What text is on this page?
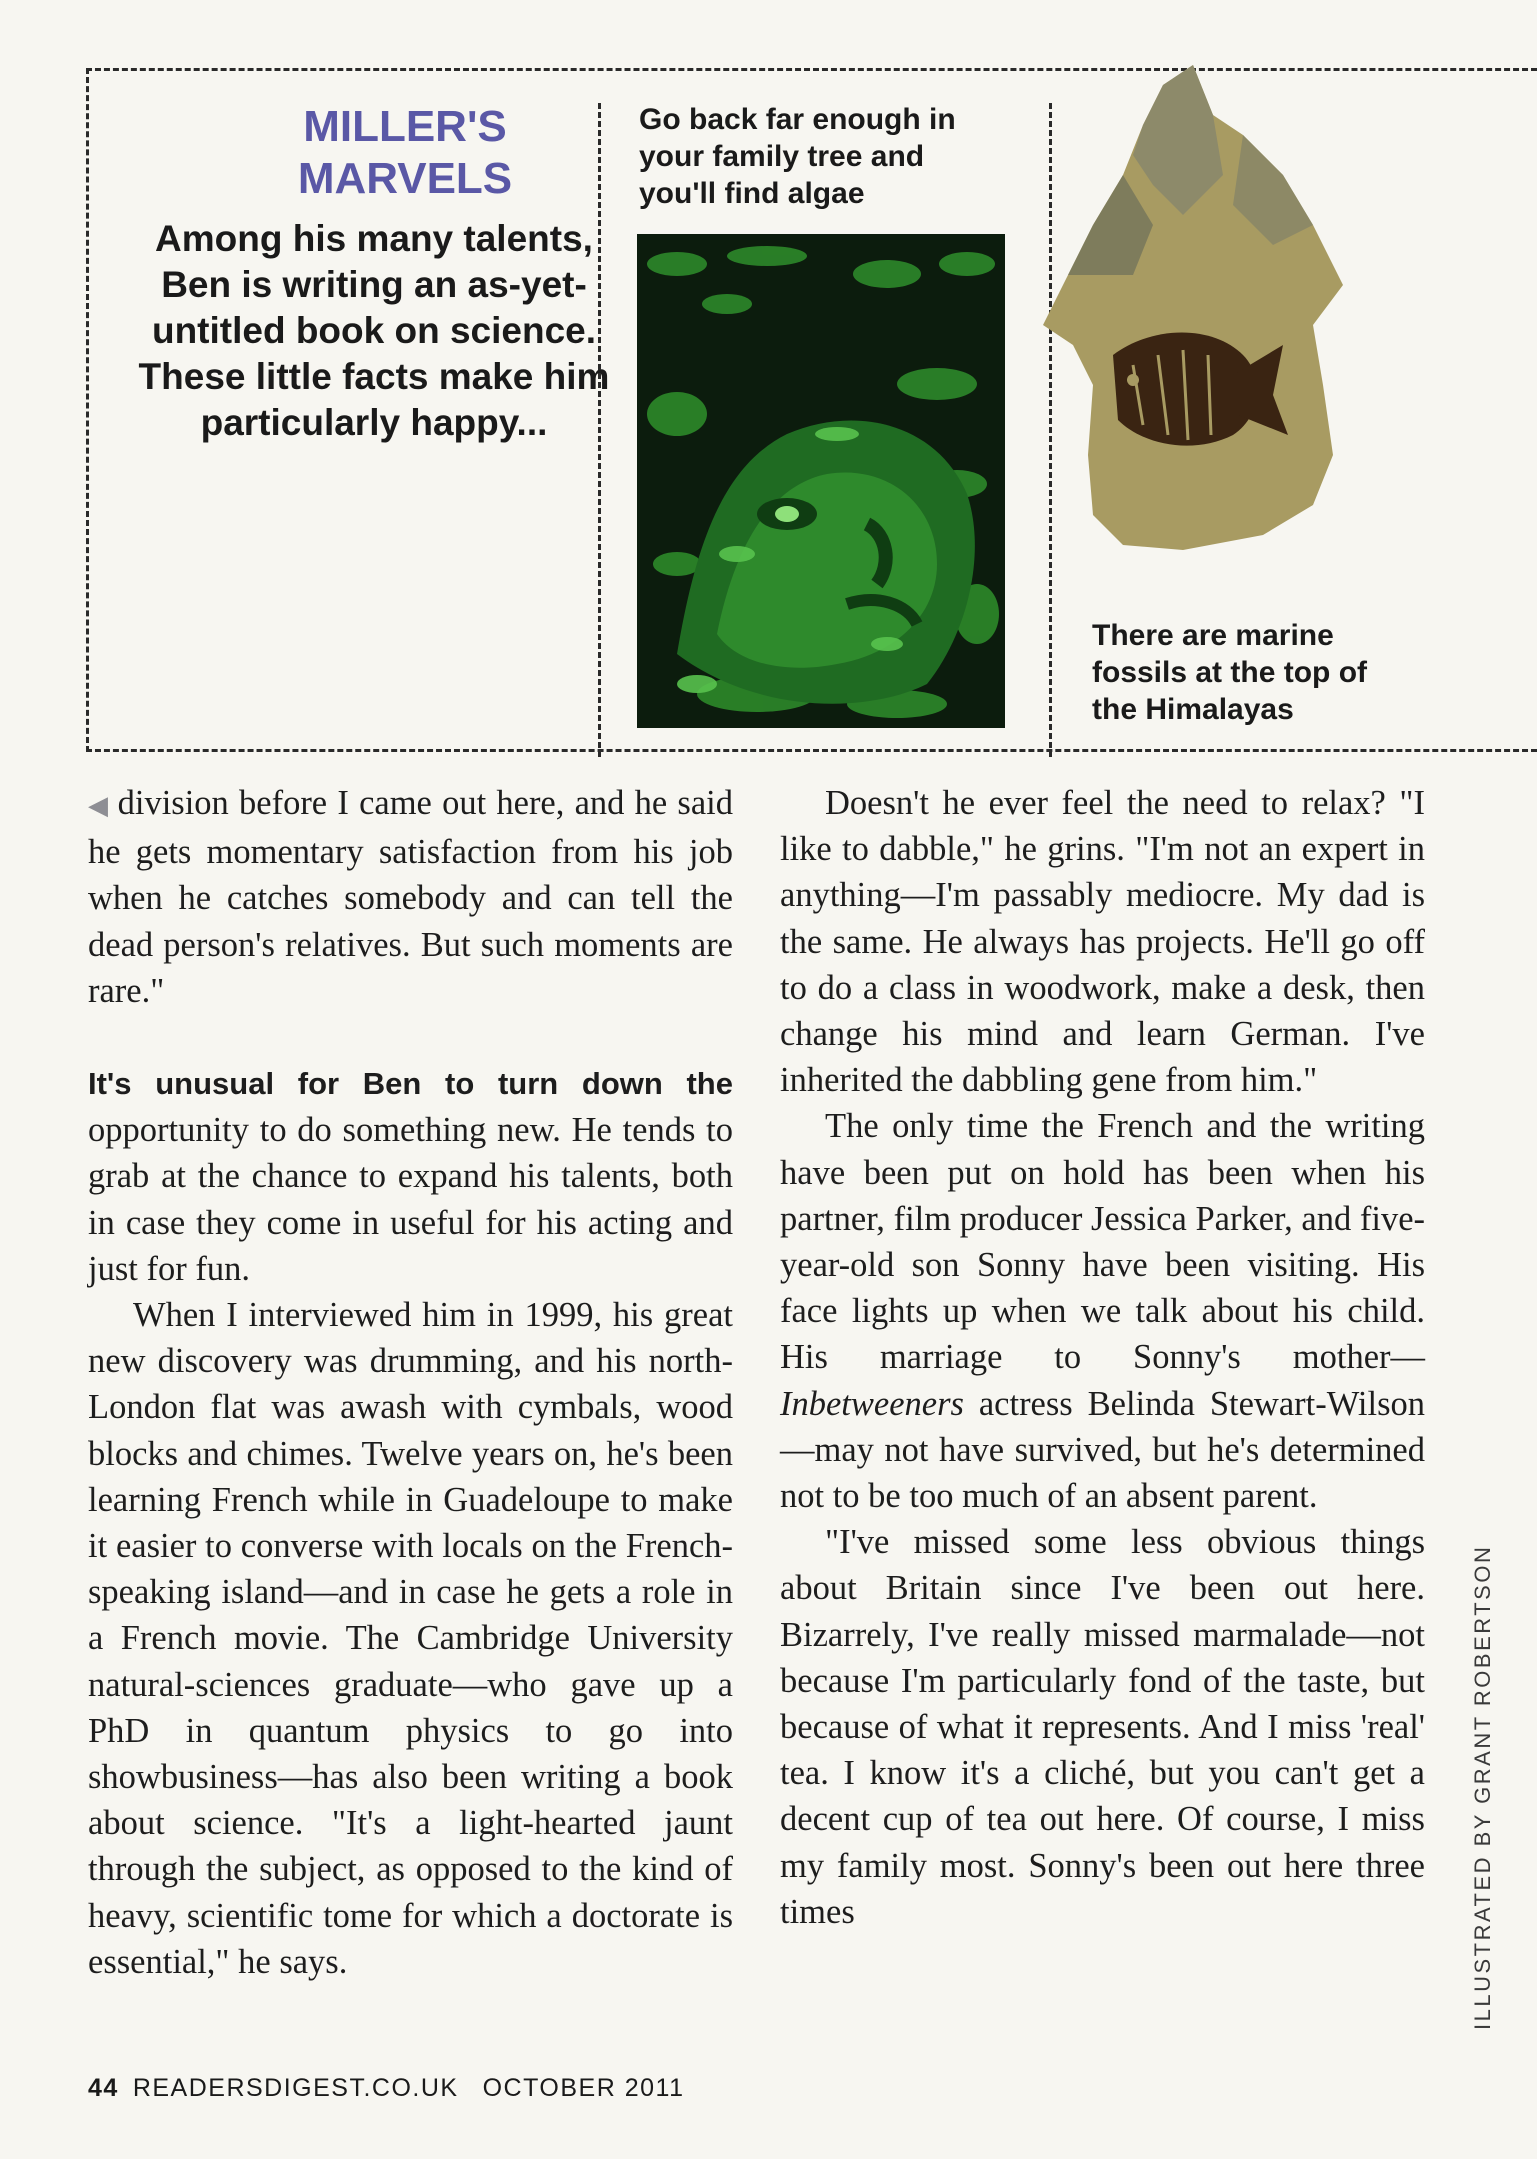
MILLER'S
MARVELS

Among his many talents, Ben is writing an as-yet-untitled book on science. These little facts make him particularly happy...

Go back far enough in your family tree and you'll find algae

There are marine fossils at the top of the Himalayas

◀ division before I came out here, and he said he gets momentary satisfaction from his job when he catches somebody and can tell the dead person's relatives. But such moments are rare."

It's unusual for Ben to turn down the opportunity to do something new. He tends to grab at the chance to expand his talents, both in case they come in useful for his acting and just for fun.

When I interviewed him in 1999, his great new discovery was drumming, and his north-London flat was awash with cymbals, wood blocks and chimes. Twelve years on, he's been learning French while in Guadeloupe to make it easier to converse with locals on the French-speaking island—and in case he gets a role in a French movie. The Cambridge University natural-sciences graduate—who gave up a PhD in quantum physics to go into showbusiness—has also been writing a book about science. "It's a light-hearted jaunt through the subject, as opposed to the kind of heavy, scientific tome for which a doctorate is essential," he says.

Doesn't he ever feel the need to relax? "I like to dabble," he grins. "I'm not an expert in anything—I'm passably mediocre. My dad is the same. He always has projects. He'll go off to do a class in woodwork, make a desk, then change his mind and learn German. I've inherited the dabbling gene from him."

The only time the French and the writing have been put on hold has been when his partner, film producer Jessica Parker, and five-year-old son Sonny have been visiting. His face lights up when we talk about his child. His marriage to Sonny's mother—Inbetweeners actress Belinda Stewart-Wilson—may not have survived, but he's determined not to be too much of an absent parent.

"I've missed some less obvious things about Britain since I've been out here. Bizarrely, I've really missed marmalade—not because I'm particularly fond of the taste, but because of what it represents. And I miss 'real' tea. I know it's a cliché, but you can't get a decent cup of tea out here. Of course, I miss my family most. Sonny's been out here three times	ILLUSTRATED BY GRANT ROBERTSON
44 READERSDIGEST.CO.UK OCTOBER 2011
